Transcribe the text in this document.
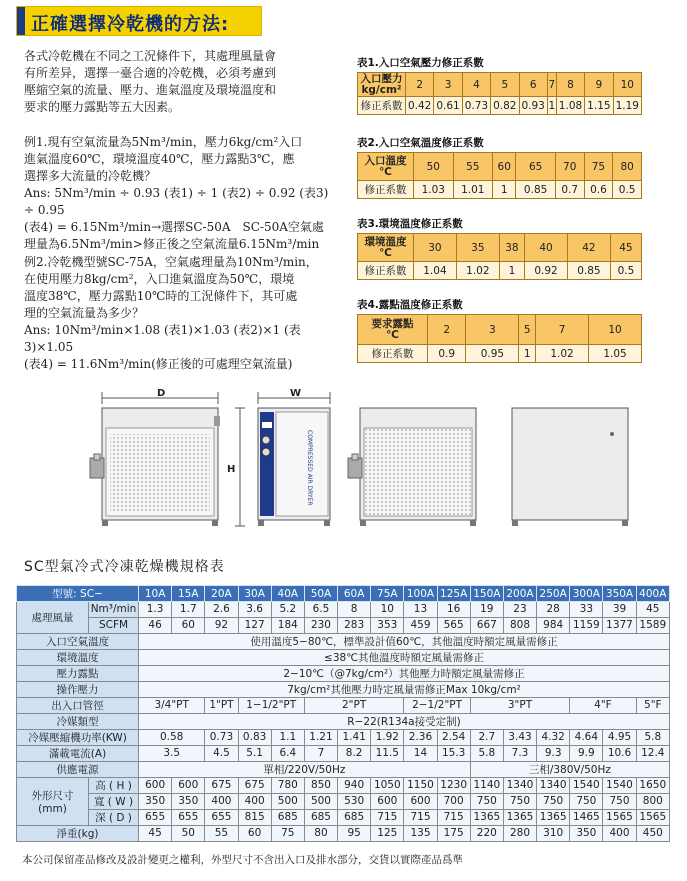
正確選擇冷乾機的方法:

各式冷乾機在不同之工況條件下，其處理風量會

有所差异，選擇一臺合適的冷乾機，必須考慮到

壓縮空氣的流量、壓力、進氣溫度及環境溫度和

要求的壓力露點等五大因素。

例1.現有空氣流量為5Nm³/min，壓力6kg/cm²入口

進氣溫度60℃，環境溫度40℃，壓力露點3℃，應

選擇多大流量的冷乾機？

Ans: 5Nm³/min ÷ 0.93 (表1) ÷ 1 (表2) ÷ 0.92 (表3) ÷ 0.95

(表4) = 6.15Nm³/min→選擇SC-50A　SC-50A空氣處

理量為6.5Nm³/min>修正後之空氣流量6.15Nm³/min

例2.冷乾機型號SC-75A，空氣處理量為10Nm³/min，

在使用壓力8kg/cm²，入口進氣溫度為50℃，環境

溫度38℃，壓力露點10℃時的工況條件下，其可處

理的空氣流量為多少？

Ans: 10Nm³/min×1.08 (表1)×1.03 (表2)×1 (表3)×1.05

(表4) = 11.6Nm³/min(修正後的可處理空氣流量)

表1.入口空氣壓力修正系數
入口壓力
kg/cm²	2	3	4	5	6	7	8	9	10
修正系數	0.42	0.61	0.73	0.82	0.93	1	1.08	1.15	1.19
表2.入口空氣溫度修正系數
入口溫度
℃	50	55	60	65	70	75	80
修正系數	1.03	1.01	1	0.85	0.7	0.6	0.5
表3.環境溫度修正系數
環境溫度
℃	30	35	38	40	42	45
修正系數	1.04	1.02	1	0.92	0.85	0.5
表4.露點溫度修正系數
要求露點
℃	2	3	5	7	10
修正系數	0.9	0.95	1	1.02	1.05
D	W
H	COMPRESSED AIR DRYER
SC型氣冷式冷凍乾燥機規格表
型號: SC−		10A	15A	20A	30A	40A	50A	60A	75A	100A	125A	150A	200A	250A	300A	350A	400A
處理風量	Nm³/min	1.3	1.7	2.6	3.6	5.2	6.5	8	10	13	16	19	23	28	33	39	45
	SCFM	46	60	92	127	184	230	283	353	459	565	667	808	984	1159	1377	1589
入口空氣溫度		使用溫度5−80℃，標準設計值60℃，其他溫度時額定風量需修正															
環境溫度		≤38℃其他溫度時額定風量需修正															
壓力露點		2−10℃（@7kg/cm²）其他壓力時額定風量需修正															
操作壓力		7kg/cm²其他壓力時定風量需修正Max 10kg/cm²															
出入口管徑		3/4"PT		1"PT	1−1/2"PT		2"PT			2−1/2"PT		3"PT			4"F		5"F
冷媒類型		R−22(R134a接受定制)															
冷媒壓縮機功率(KW)		0.58		0.73	0.83	1.1	1.21	1.41	1.92	2.36	2.54	2.7	3.43	4.32	4.64	4.95	5.8
滿載電流(A)		3.5		4.5	5.1	6.4	7	8.2	11.5	14	15.3	5.8	7.3	9.3	9.9	10.6	12.4
供應電源		單相/220V/50Hz										三相/380V/50Hz					
外形尺寸
(mm)	高 ( H )	600	600	675	675	780	850	940	1050	1150	1230	1140	1340	1340	1540	1540	1650
	寬 ( W )	350	350	400	400	500	500	530	600	600	700	750	750	750	750	750	800
	深 ( D )	655	655	655	815	685	685	685	715	715	715	1365	1365	1365	1465	1565	1565
淨重(kg)		45	50	55	60	75	80	95	125	135	175	220	280	310	350	400	450
本公司保留產品修改及設計變更之權利，外型尺寸不含出入口及排水部分，交貨以實際產品爲準
